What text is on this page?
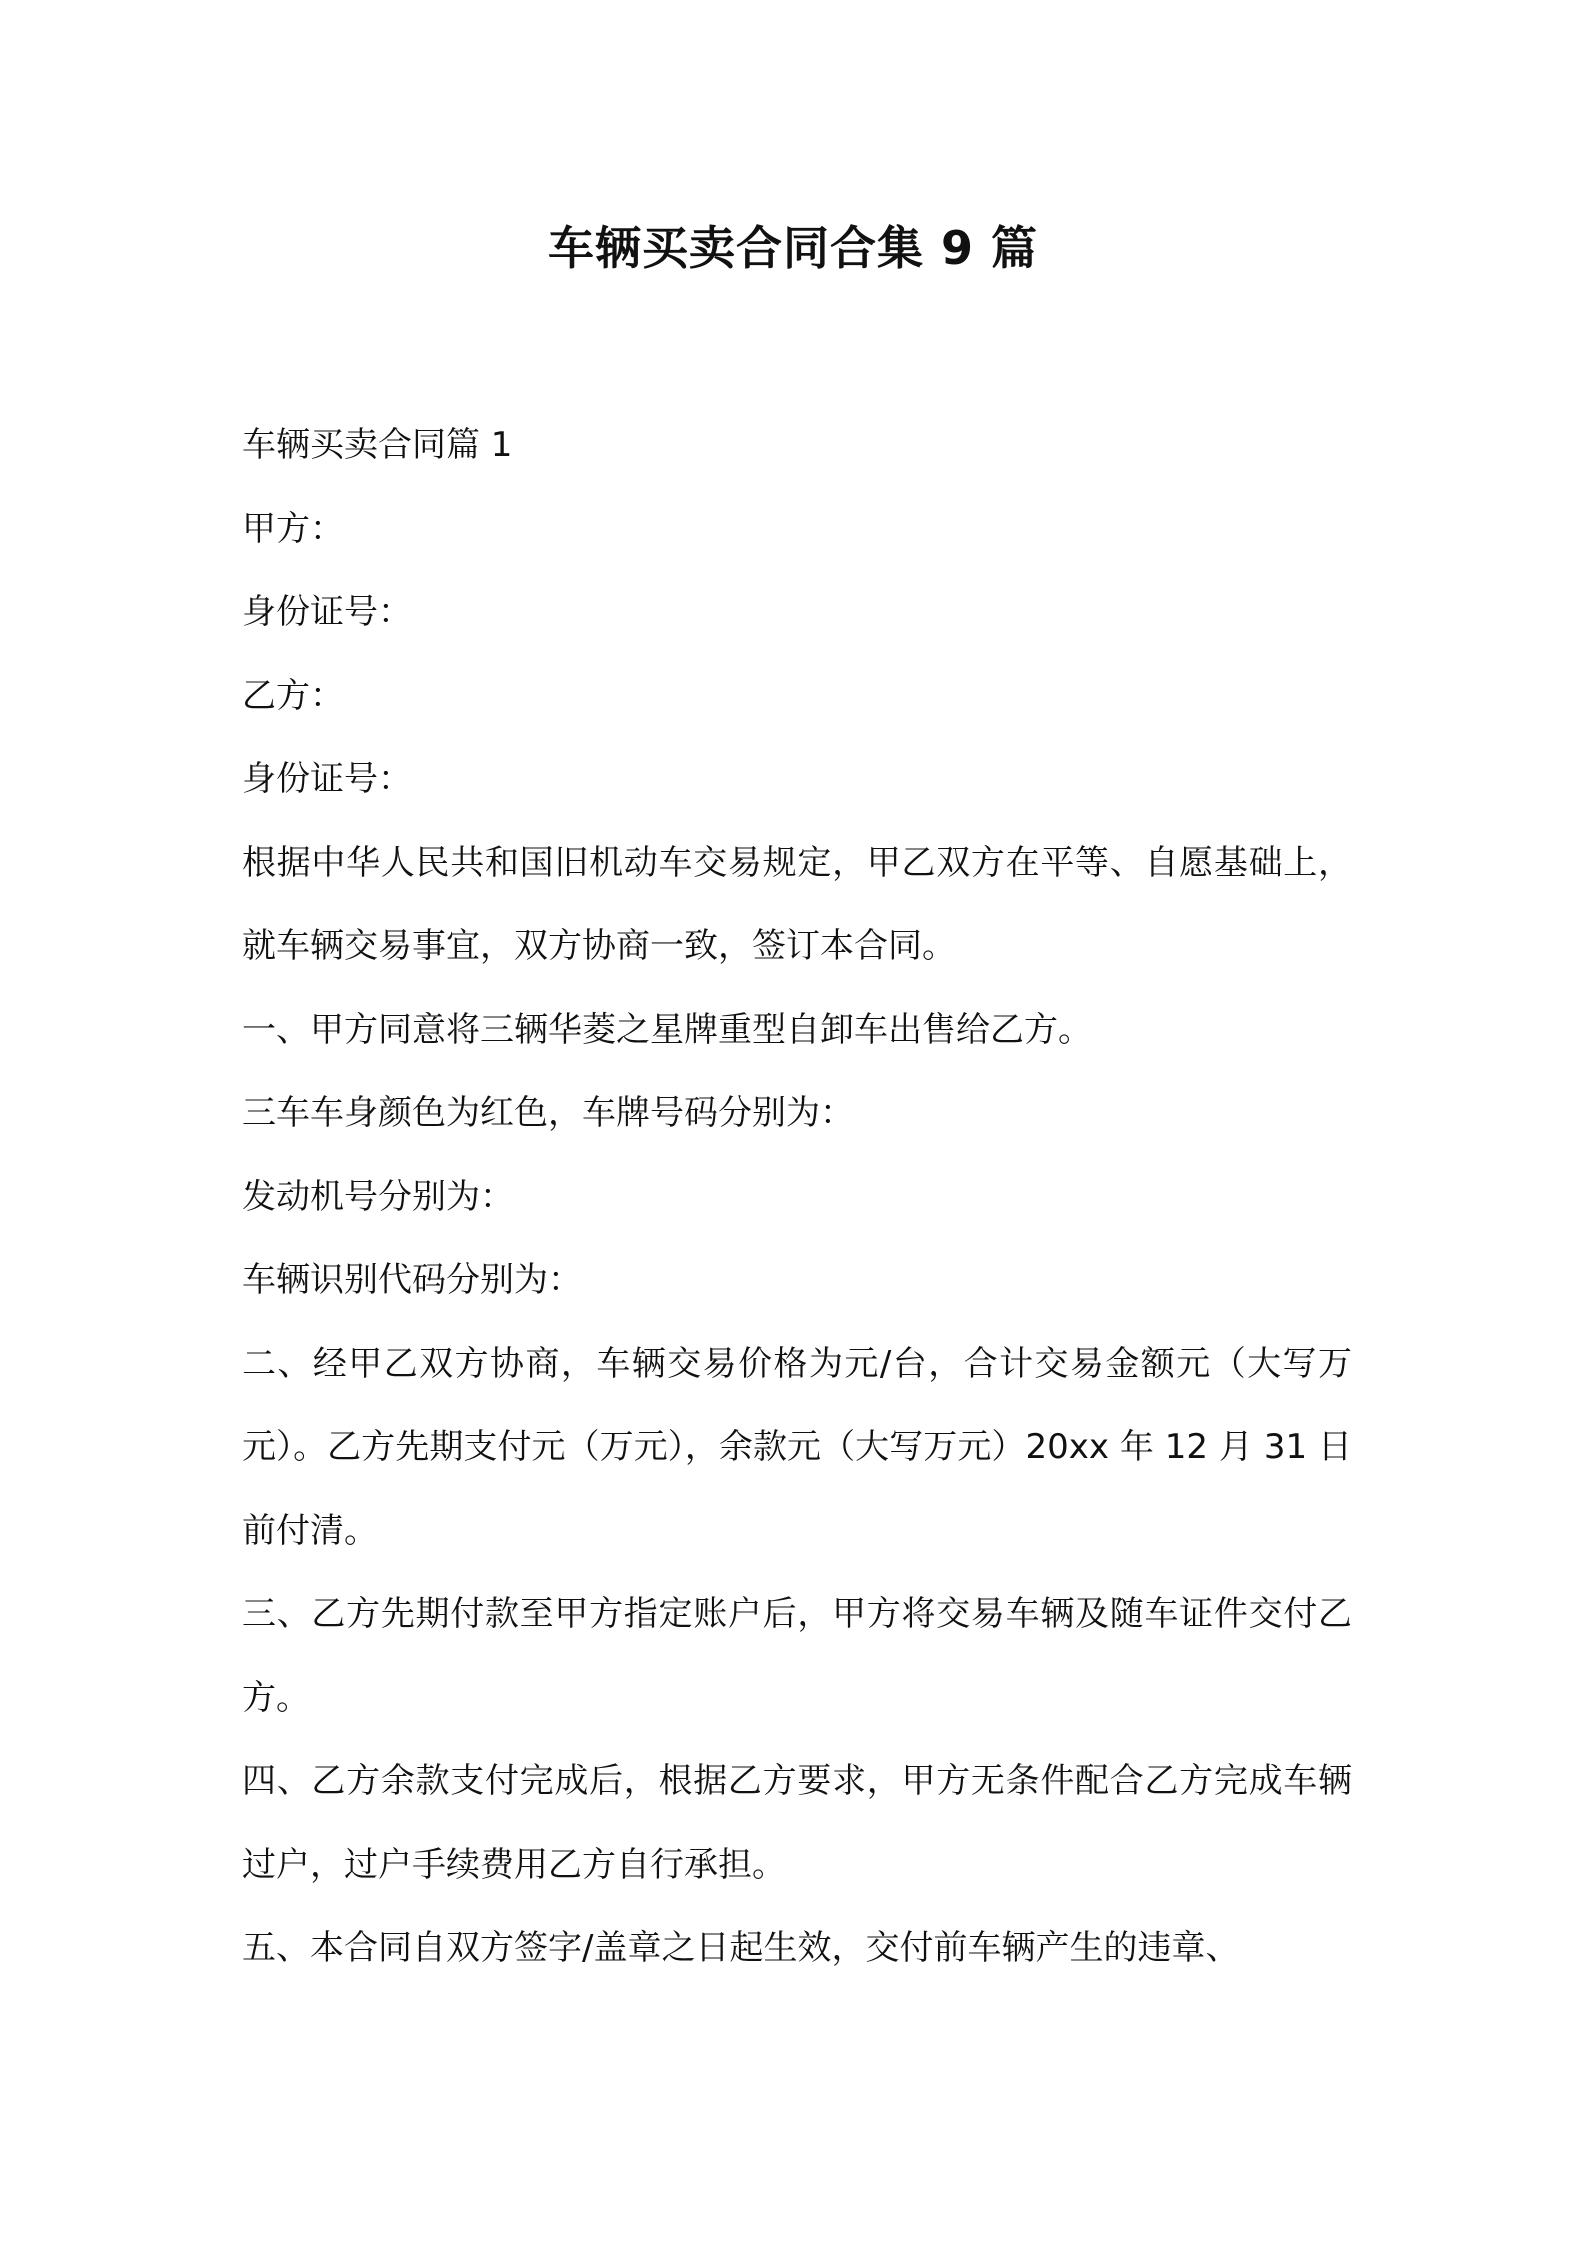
车辆买卖合同合集 9 篇

车辆买卖合同篇 1

甲方：

身份证号：

乙方：

身份证号：

根据中华人民共和国旧机动车交易规定，甲乙双方在平等、自愿基础上，就车辆交易事宜，双方协商一致，签订本合同。

一、甲方同意将三辆华菱之星牌重型自卸车出售给乙方。

三车车身颜色为红色，车牌号码分别为：

发动机号分别为：

车辆识别代码分别为：

二、经甲乙双方协商，车辆交易价格为元/台，合计交易金额元（大写万元）。乙方先期支付元（万元），余款元（大写万元）20xx 年 12 月 31 日前付清。

三、乙方先期付款至甲方指定账户后，甲方将交易车辆及随车证件交付乙方。

四、乙方余款支付完成后，根据乙方要求，甲方无条件配合乙方完成车辆过户，过户手续费用乙方自行承担。

五、本合同自双方签字/盖章之日起生效，交付前车辆产生的违章、
